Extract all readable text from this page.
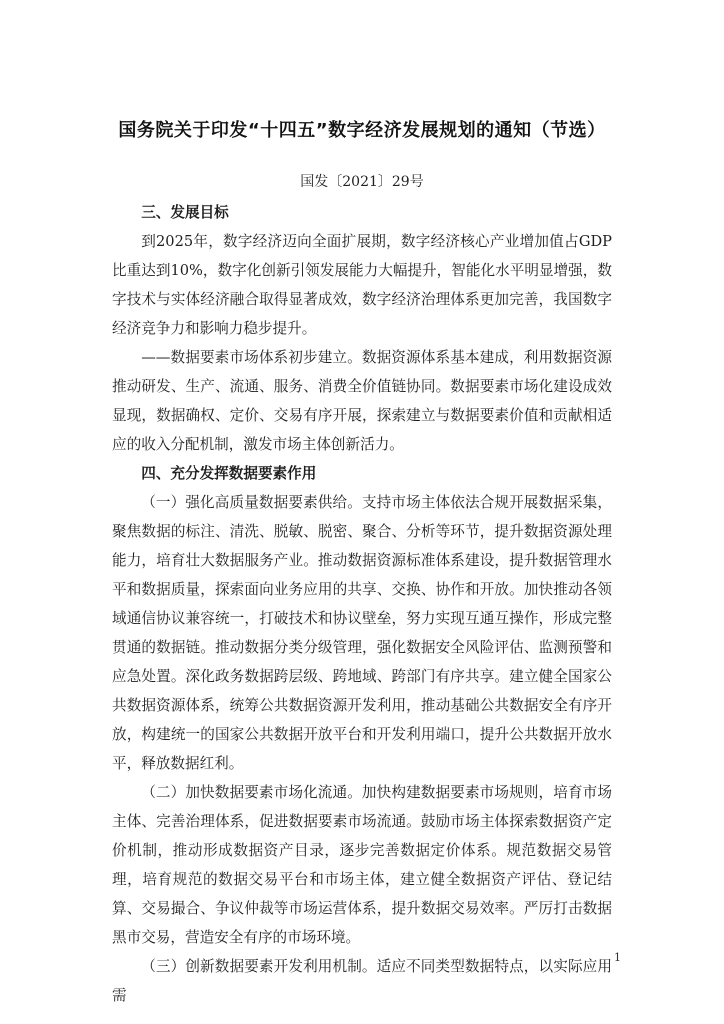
国务院关于印发“十四五”数字经济发展规划的通知（节选）
国发〔2021〕29号
三、发展目标

到2025年，数字经济迈向全面扩展期，数字经济核心产业增加值占GDP比重达到10%，数字化创新引领发展能力大幅提升，智能化水平明显增强，数字技术与实体经济融合取得显著成效，数字经济治理体系更加完善，我国数字经济竞争力和影响力稳步提升。

——数据要素市场体系初步建立。数据资源体系基本建成，利用数据资源推动研发、生产、流通、服务、消费全价值链协同。数据要素市场化建设成效显现，数据确权、定价、交易有序开展，探索建立与数据要素价值和贡献相适应的收入分配机制，激发市场主体创新活力。

四、充分发挥数据要素作用

（一）强化高质量数据要素供给。支持市场主体依法合规开展数据采集，聚焦数据的标注、清洗、脱敏、脱密、聚合、分析等环节，提升数据资源处理能力，培育壮大数据服务产业。推动数据资源标准体系建设，提升数据管理水平和数据质量，探索面向业务应用的共享、交换、协作和开放。加快推动各领域通信协议兼容统一，打破技术和协议壁垒，努力实现互通互操作，形成完整贯通的数据链。推动数据分类分级管理，强化数据安全风险评估、监测预警和应急处置。深化政务数据跨层级、跨地域、跨部门有序共享。建立健全国家公共数据资源体系，统筹公共数据资源开发利用，推动基础公共数据安全有序开放，构建统一的国家公共数据开放平台和开发利用端口，提升公共数据开放水平，释放数据红利。

（二）加快数据要素市场化流通。加快构建数据要素市场规则，培育市场主体、完善治理体系，促进数据要素市场流通。鼓励市场主体探索数据资产定价机制，推动形成数据资产目录，逐步完善数据定价体系。规范数据交易管理，培育规范的数据交易平台和市场主体，建立健全数据资产评估、登记结算、交易撮合、争议仲裁等市场运营体系，提升数据交易效率。严厉打击数据黑市交易，营造安全有序的市场环境。

（三）创新数据要素开发利用机制。适应不同类型数据特点，以实际应用需

1
